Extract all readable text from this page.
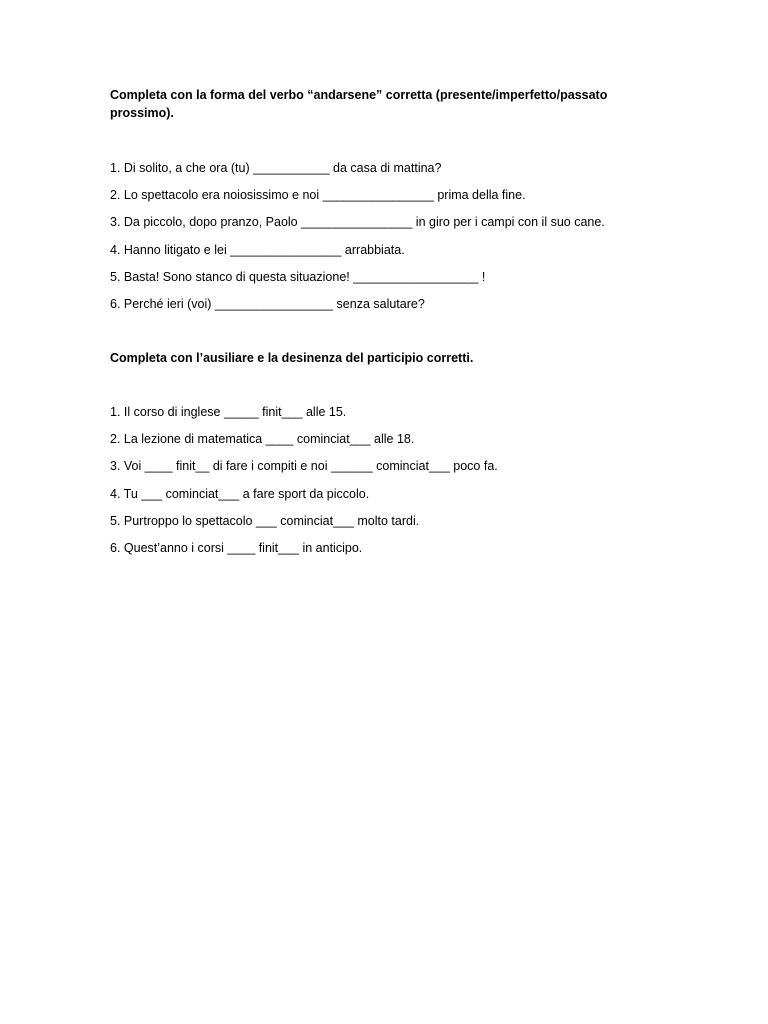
Completa con la forma del verbo “andarsene” corretta (presente/imperfetto/passato prossimo).

1. Di solito, a che ora (tu) ___________ da casa di mattina?
2. Lo spettacolo era noiosissimo e noi ________________ prima della fine.
3. Da piccolo, dopo pranzo, Paolo ________________ in giro per i campi con il suo cane.
4. Hanno litigato e lei ________________ arrabbiata.
5. Basta! Sono stanco di questa situazione! __________________ !
6. Perché ieri (voi) _________________ senza salutare?

Completa con l’ausiliare e la desinenza del participio corretti.

1. Il corso di inglese _____ finit___ alle 15.
2. La lezione di matematica ____ cominciat___ alle 18.
3. Voi ____ finit__ di fare i compiti e noi ______ cominciat___ poco fa.
4. Tu ___ cominciat___ a fare sport da piccolo.
5. Purtroppo lo spettacolo ___ cominciat___ molto tardi.
6. Quest’anno i corsi ____ finit___ in anticipo.
